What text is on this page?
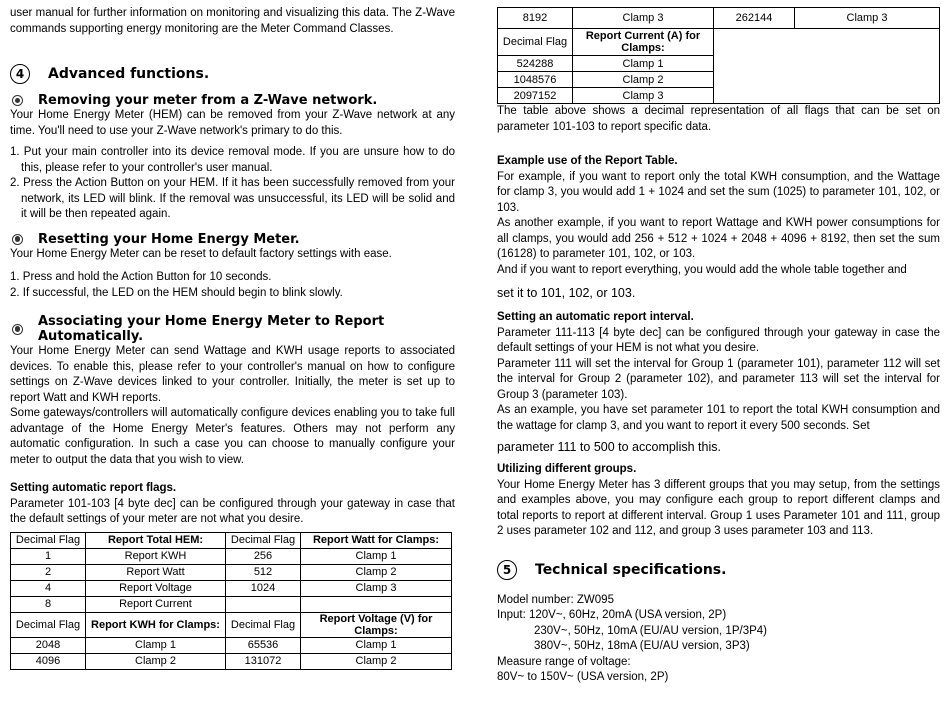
user manual for further information on monitoring and visualizing this data. The Z-Wave commands supporting energy monitoring are the Meter Command Classes.

4	Advanced functions.
Removing your meter from a Z-Wave network.

Your Home Energy Meter (HEM) can be removed from your Z-Wave network at any time. You'll need to use your Z-Wave network's primary to do this.

1. Put your main controller into its device removal mode. If you are unsure how to do this, please refer to your controller's user manual.
2. Press the Action Button on your HEM. If it has been successfully removed from your network, its LED will blink. If the removal was unsuccessful, its LED will be solid and it will be then repeated again.
Resetting your Home Energy Meter.

Your Home Energy Meter can be reset to default factory settings with ease.

1. Press and hold the Action Button for 10 seconds.
2. If successful, the LED on the HEM should begin to blink slowly.
Associating your Home Energy Meter to Report Automatically.

Your Home Energy Meter can send Wattage and KWH usage reports to associated devices. To enable this, please refer to your controller's manual on how to configure settings on Z-Wave devices linked to your controller. Initially, the meter is set up to report Watt and KWH reports.

Some gateways/controllers will automatically configure devices enabling you to take full advantage of the Home Energy Meter's features. Others may not perform any automatic configuration. In such a case you can choose to manually configure your meter to output the data that you wish to view.

Setting automatic report flags.

Parameter 101-103 [4 byte dec] can be configured through your gateway in case that the default settings of your meter are not what you desire.

Decimal Flag	Report Total HEM:	Decimal Flag	Report Watt for Clamps:
1	Report KWH	256	Clamp 1
2	Report Watt	512	Clamp 2
4	Report Voltage	1024	Clamp 3
8	Report Current		
Decimal Flag	Report KWH for Clamps:	Decimal Flag	Report Voltage (V) for Clamps:
2048	Clamp 1	65536	Clamp 1
4096	Clamp 2	131072	Clamp 2
8192	Clamp 3	262144	Clamp 3
Decimal Flag	Report Current (A) for Clamps:		
524288	Clamp 1		
1048576	Clamp 2		
2097152	Clamp 3		

The table above shows a decimal representation of all flags that can be set on parameter 101-103 to report specific data.

Example use of the Report Table.

For example, if you want to report only the total KWH consumption, and the Wattage for clamp 3, you would add 1 + 1024 and set the sum (1025) to parameter 101, 102, or 103.

As another example, if you want to report Wattage and KWH power consumptions for all clamps, you would add 256 + 512 + 1024 + 2048 + 4096 + 8192, then set the sum (16128) to parameter 101, 102, or 103.

And if you want to report everything, you would add the whole table together and

set it to 101, 102, or 103.

Setting an automatic report interval.

Parameter 111-113 [4 byte dec] can be configured through your gateway in case the default settings of your HEM is not what you desire.

Parameter 111 will set the interval for Group 1 (parameter 101), parameter 112 will set the interval for Group 2 (parameter 102), and parameter 113 will set the interval for Group 3 (parameter 103).

As an example, you have set parameter 101 to report the total KWH consumption and the wattage for clamp 3, and you want to report it every 500 seconds. Set

parameter 111 to 500 to accomplish this.

Utilizing different groups.

Your Home Energy Meter has 3 different groups that you may setup, from the settings and examples above, you may configure each group to report different clamps and total reports to report at different interval. Group 1 uses Parameter 101 and 111, group 2 uses parameter 102 and 112, and group 3 uses parameter 103 and 113.

5	Technical specifications.
Model number: ZW095
Input: 120V~, 60Hz, 20mA (USA version, 2P)
230V~, 50Hz, 10mA (EU/AU version, 1P/3P4)
380V~, 50Hz, 18mA (EU/AU version, 3P3)
Measure range of voltage:
80V~ to 150V~ (USA version, 2P)
